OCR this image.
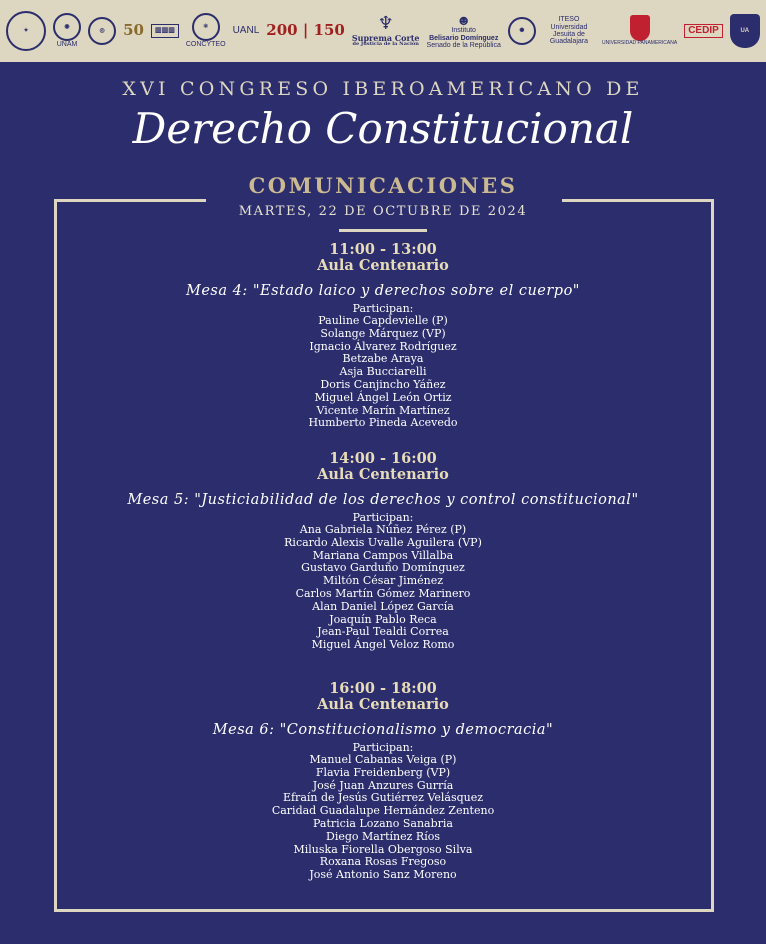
✦
◉
UNAM
◎	50	▥▥▥
⚛
CONCYTEO
UANL 200 | 150 ♆
Suprema Corte
de Justicia de la Nación
☻
Instituto
Belisario Domínguez
Senado de la República
✺
ITESO Universidad Jesuita de Guadalajara	UNIVERSIDAD PANAMERICANA
CEDIP	UA
XVI CONGRESO IBEROAMERICANO DE
Derecho Constitucional
COMUNICACIONES
MARTES, 22 DE OCTUBRE DE 2024
11:00 - 13:00
Aula Centenario
Mesa 4: "Estado laico y derechos sobre el cuerpo"
Participan:
Pauline Capdevielle (P)
Solange Márquez (VP)
Ignacio Álvarez Rodríguez
Betzabe Araya
Asja Bucciarelli
Doris Canjincho Yáñez
Miguel Ángel León Ortiz
Vicente Marín Martínez
Humberto Pineda Acevedo
14:00 - 16:00
Aula Centenario
Mesa 5: "Justiciabilidad de los derechos y control constitucional"
Participan:
Ana Gabriela Núñez Pérez (P)
Ricardo Alexis Uvalle Aguilera (VP)
Mariana Campos Villalba
Gustavo Garduño Domínguez
Miltón César Jiménez
Carlos Martín Gómez Marinero
Alan Daniel López García
Joaquín Pablo Reca
Jean-Paul Tealdi Correa
Miguel Ángel Veloz Romo
16:00 - 18:00
Aula Centenario
Mesa 6: "Constitucionalismo y democracia"
Participan:
Manuel Cabanas Veiga (P)
Flavia Freidenberg (VP)
José Juan Anzures Gurría
Efraín de Jesús Gutiérrez Velásquez
Caridad Guadalupe Hernández Zenteno
Patricia Lozano Sanabria
Diego Martínez Ríos
Miluska Fiorella Obergoso Silva
Roxana Rosas Fregoso
José Antonio Sanz Moreno
